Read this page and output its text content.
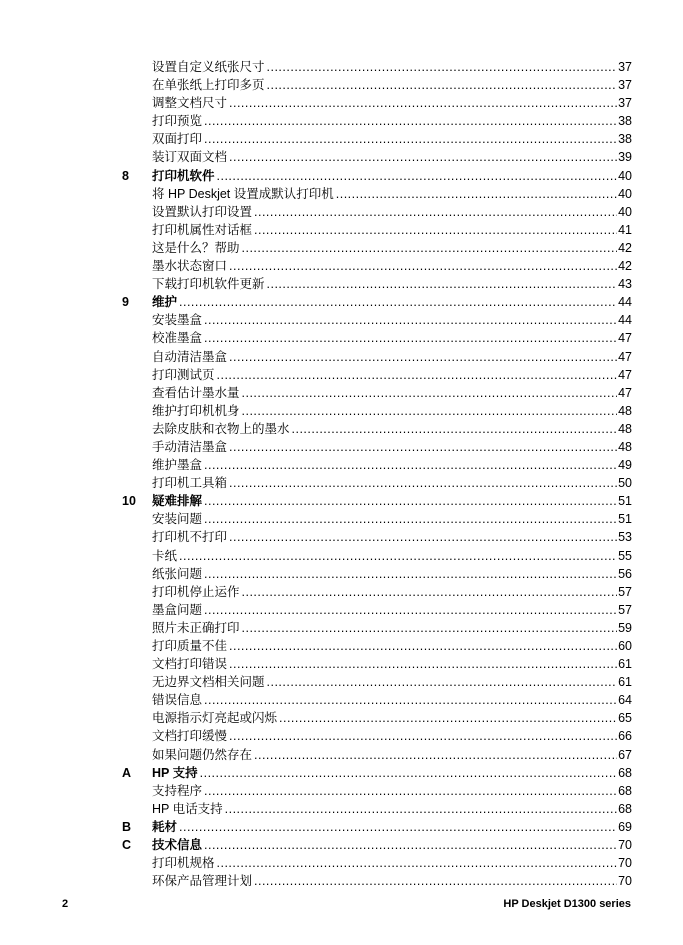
设置自定义纸张尺寸 .....	37
在单张纸上打印多页 .....	37
调整文档尺寸 .....	37
打印预览 .....	38
双面打印 .....	38
装订双面文档 .....	39
8	打印机软件 .....	40
将 HP Deskjet 设置成默认打印机 .....	40
设置默认打印设置 .....	40
打印机属性对话框 .....	41
这是什么？帮助 .....	42
墨水状态窗口 .....	42
下载打印机软件更新 .....	43
9	维护 .....	44
安装墨盒 .....	44
校准墨盒 .....	47
自动清洁墨盒 .....	47
打印测试页 .....	47
查看估计墨水量 .....	47
维护打印机机身 .....	48
去除皮肤和衣物上的墨水 .....	48
手动清洁墨盒 .....	48
维护墨盒 .....	49
打印机工具箱 .....	50
10	疑难排解 .....	51
安装问题 .....	51
打印机不打印 .....	53
卡纸 .....	55
纸张问题 .....	56
打印机停止运作 .....	57
墨盒问题 .....	57
照片未正确打印 .....	59
打印质量不佳 .....	60
文档打印错误 .....	61
无边界文档相关问题 .....	61
错误信息 .....	64
电源指示灯亮起或闪烁 .....	65
文档打印缓慢 .....	66
如果问题仍然存在 .....	67
A	HP 支持 .....	68
支持程序 .....	68
HP 电话支持 .....	68
B	耗材 .....	69
C	技术信息 .....	70
打印机规格 .....	70
环保产品管理计划 .....	70
2	HP Deskjet D1300 series
